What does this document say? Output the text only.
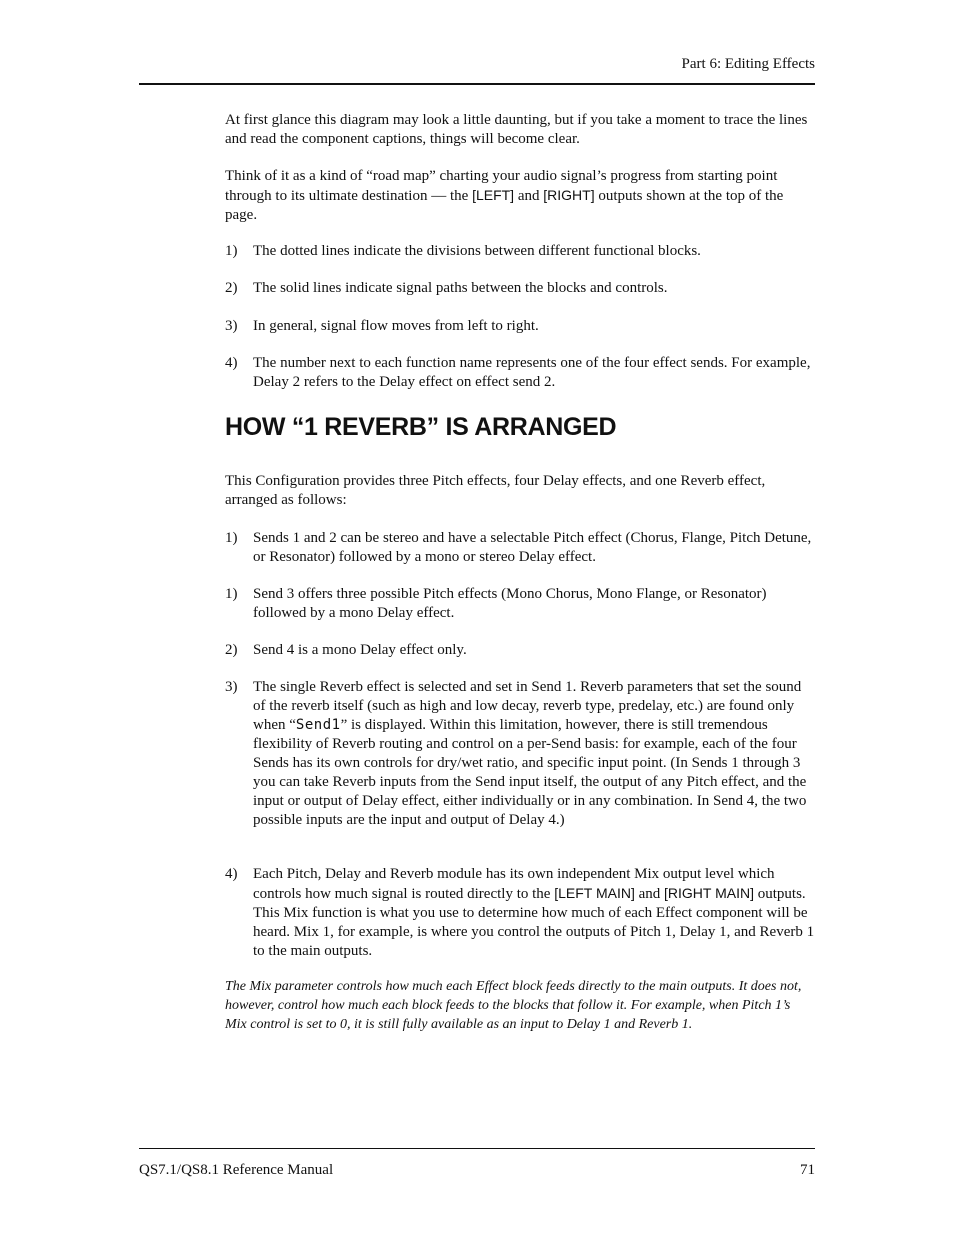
Part 6: Editing Effects

At first glance this diagram may look a little daunting, but if you take a moment to trace the lines and read the component captions, things will become clear.

Think of it as a kind of “road map” charting your audio signal’s progress from starting point through to its ultimate destination — the [LEFT] and [RIGHT] outputs shown at the top of the page.

1) The dotted lines indicate the divisions between different functional blocks.
2) The solid lines indicate signal paths between the blocks and controls.
3) In general, signal flow moves from left to right.
4) The number next to each function name represents one of the four effect sends. For example, Delay 2 refers to the Delay effect on effect send 2.
HOW “1 REVERB” IS ARRANGED

This Configuration provides three Pitch effects, four Delay effects, and one Reverb effect, arranged as follows:

1) Sends 1 and 2 can be stereo and have a selectable Pitch effect (Chorus, Flange, Pitch Detune, or Resonator) followed by a mono or stereo Delay effect.
1) Send 3 offers three possible Pitch effects (Mono Chorus, Mono Flange, or Resonator) followed by a mono Delay effect.
2) Send 4 is a mono Delay effect only.
3) The single Reverb effect is selected and set in Send 1. Reverb parameters that set the sound of the reverb itself (such as high and low decay, reverb type, predelay, etc.) are found only when “Send1” is displayed. Within this limitation, however, there is still tremendous flexibility of Reverb routing and control on a per-Send basis: for example, each of the four Sends has its own controls for dry/wet ratio, and specific input point. (In Sends 1 through 3 you can take Reverb inputs from the Send input itself, the output of any Pitch effect, and the input or output of Delay effect, either individually or in any combination. In Send 4, the two possible inputs are the input and output of Delay 4.)
4) Each Pitch, Delay and Reverb module has its own independent Mix output level which controls how much signal is routed directly to the [LEFT MAIN] and [RIGHT MAIN] outputs. This Mix function is what you use to determine how much of each Effect component will be heard. Mix 1, for example, is where you control the outputs of Pitch 1, Delay 1, and Reverb 1 to the main outputs.

The Mix parameter controls how much each Effect block feeds directly to the main outputs. It does not, however, control how much each block feeds to the blocks that follow it. For example, when Pitch 1’s Mix control is set to 0, it is still fully available as an input to Delay 1 and Reverb 1.

QS7.1/QS8.1 Reference Manual	71
